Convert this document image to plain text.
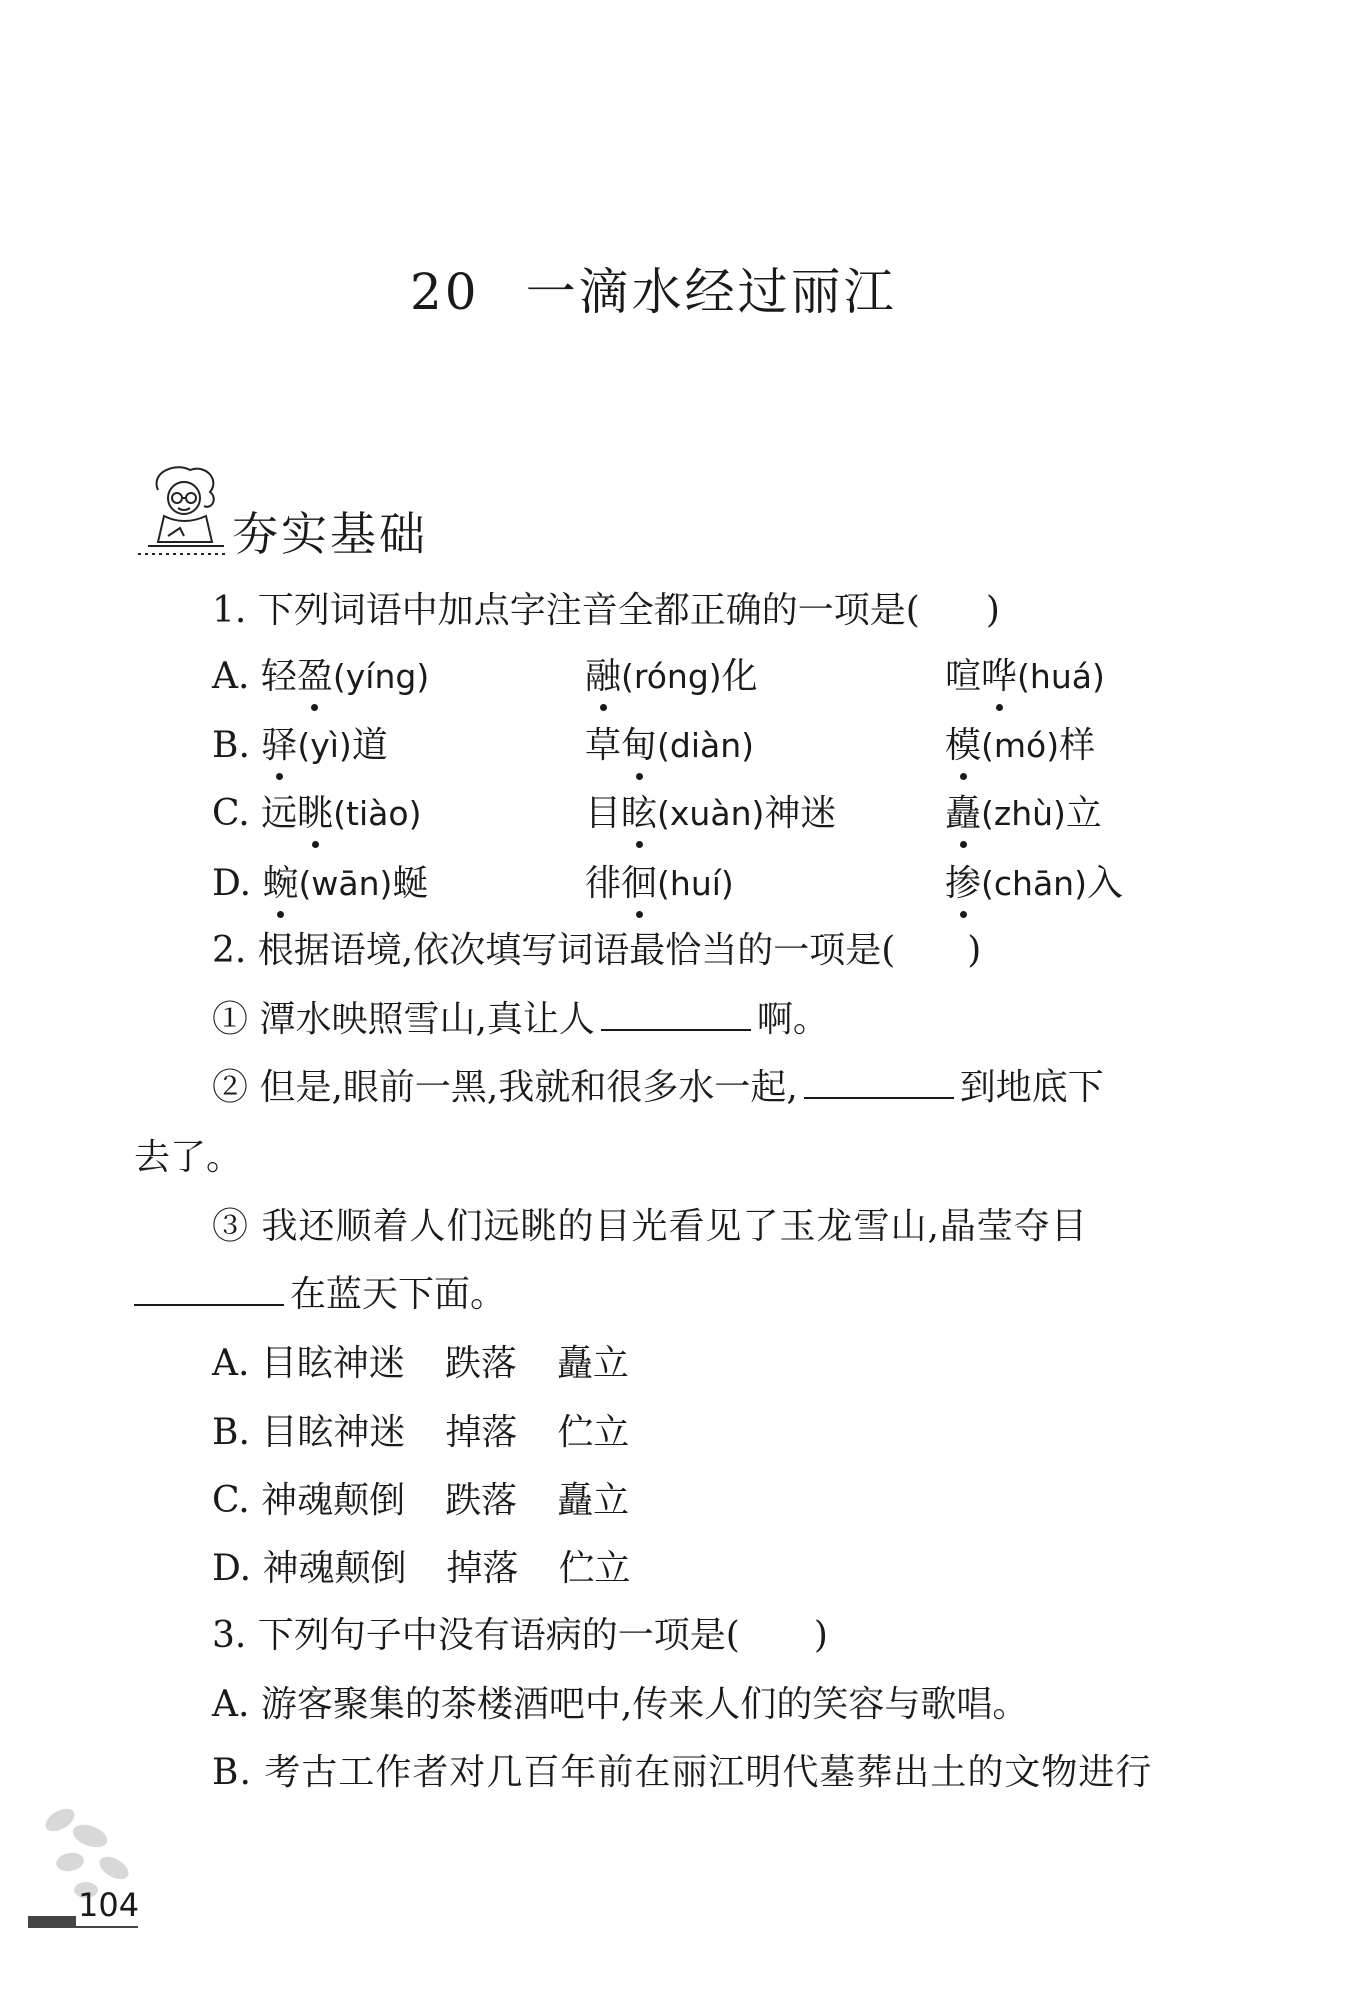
20 一滴水经过丽江
夯实基础
1. 下列词语中加点字注音全都正确的一项是( )
A. 轻盈(yíng)	融(róng)化	喧哗(huá)
B. 驿(yì)道	草甸(diàn)	模(mó)样
C. 远眺(tiào)	目眩(xuàn)神迷	矗(zhù)立
D. 蜿(wān)蜒	徘徊(huí)	掺(chān)入
2. 根据语境,依次填写词语最恰当的一项是( )
① 潭水映照雪山,真让人	啊。
② 但是,眼前一黑,我就和很多水一起,	到地底下
去了。
③ 我还顺着人们远眺的目光看见了玉龙雪山,晶莹夺目
在蓝天下面。
A. 目眩神迷 跌落 矗立
B. 目眩神迷 掉落 伫立
C. 神魂颠倒 跌落 矗立
D. 神魂颠倒 掉落 伫立
3. 下列句子中没有语病的一项是( )
A. 游客聚集的茶楼酒吧中,传来人们的笑容与歌唱。
B. 考古工作者对几百年前在丽江明代墓葬出土的文物进行
104
